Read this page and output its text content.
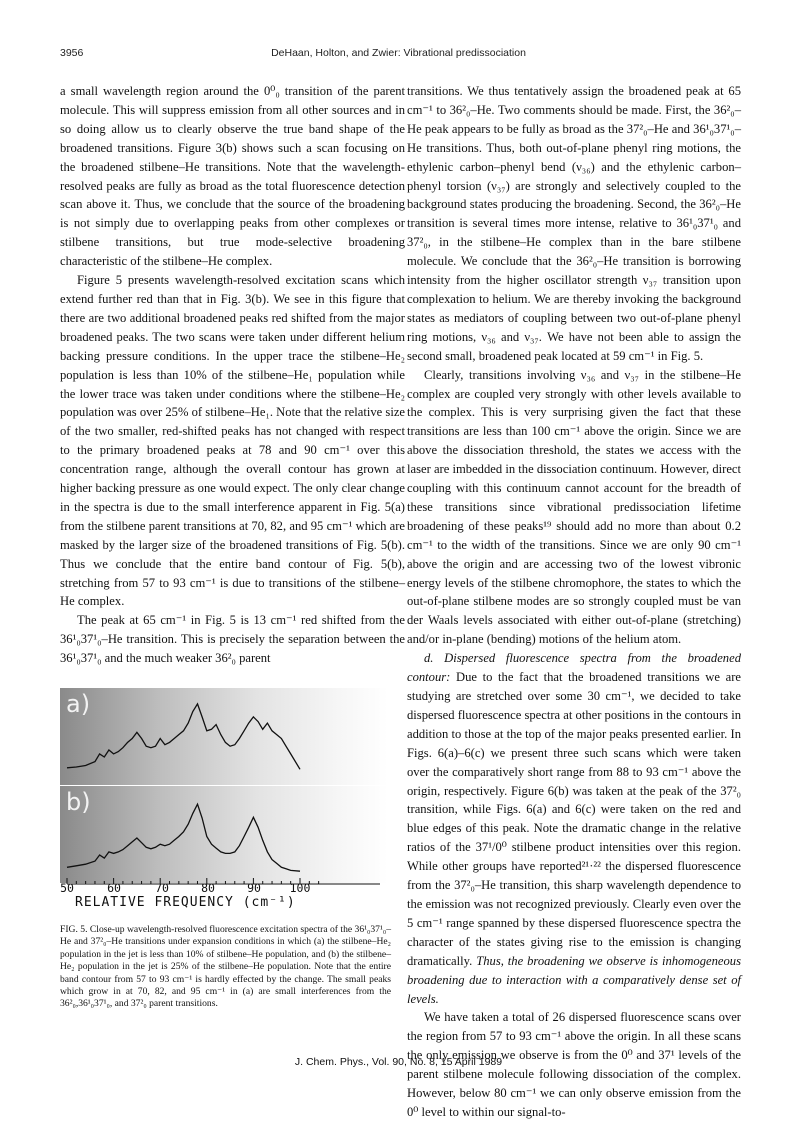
3956	DeHaan, Holton, and Zwier: Vibrational predissociation

a small wavelength region around the 0⁰₀ transition of the parent molecule. This will suppress emission from all other sources and in so doing allow us to clearly observe the true band shape of the broadened transitions. Figure 3(b) shows such a scan focusing on the broadened stilbene–He transitions. Note that the wavelength-resolved peaks are fully as broad as the total fluorescence detection scan above it. Thus, we conclude that the source of the broadening is not simply due to overlapping peaks from other complexes or stilbene transitions, but true mode-selective broadening characteristic of the stilbene–He complex.

Figure 5 presents wavelength-resolved excitation scans which extend further red than that in Fig. 3(b). We see in this figure that there are two additional broadened peaks red shifted from the major broadened peaks. The two scans were taken under different helium backing pressure conditions. In the upper trace the stilbene–He₂ population is less than 10% of the stilbene–He₁ population while the lower trace was taken under conditions where the stilbene–He₂ population was over 25% of stilbene–He₁. Note that the relative size of the two smaller, red-shifted peaks has not changed with respect to the primary broadened peaks at 78 and 90 cm⁻¹ over this concentration range, although the overall contour has grown at higher backing pressure as one would expect. The only clear change in the spectra is due to the small interference apparent in Fig. 5(a) from the stilbene parent transitions at 70, 82, and 95 cm⁻¹ which are masked by the larger size of the broadened transitions of Fig. 5(b). Thus we conclude that the entire band contour of Fig. 5(b), stretching from 57 to 93 cm⁻¹ is due to transitions of the stilbene–He complex.

The peak at 65 cm⁻¹ in Fig. 5 is 13 cm⁻¹ red shifted from the 36¹₀37¹₀–He transition. This is precisely the separation between the 36¹₀37¹₀ and the much weaker 36²₀ parent

a)
b)
50	60	70	80	90 100
RELATIVE FREQUENCY (cm⁻¹)
FIG. 5. Close-up wavelength-resolved fluorescence excitation spectra of the 36¹₀37¹₀–He and 37²₀–He transitions under expansion conditions in which (a) the stilbene–He₂ population in the jet is less than 10% of stilbene–He population, and (b) the stilbene–He₂ population in the jet is 25% of the stilbene–He population. Note that the entire band contour from 57 to 93 cm⁻¹ is hardly effected by the change. The small peaks which grow in at 70, 82, and 95 cm⁻¹ in (a) are small interferences from the 36²₀,36¹₀37¹₀, and 37²₀ parent transitions.

transitions. We thus tentatively assign the broadened peak at 65 cm⁻¹ to 36²₀–He. Two comments should be made. First, the 36²₀–He peak appears to be fully as broad as the 37²₀–He and 36¹₀37¹₀–He transitions. Thus, both out-of-plane phenyl ring motions, the ethylenic carbon–phenyl bend (ν₃₆) and the ethylenic carbon–phenyl torsion (ν₃₇) are strongly and selectively coupled to the background states producing the broadening. Second, the 36²₀–He transition is several times more intense, relative to 36¹₀37¹₀ and 37²₀, in the stilbene–He complex than in the bare stilbene molecule. We conclude that the 36²₀–He transition is borrowing intensity from the higher oscillator strength ν₃₇ transition upon complexation to helium. We are thereby invoking the background states as mediators of coupling between two out-of-plane phenyl ring motions, ν₃₆ and ν₃₇. We have not been able to assign the second small, broadened peak located at 59 cm⁻¹ in Fig. 5.

Clearly, transitions involving ν₃₆ and ν₃₇ in the stilbene–He complex are coupled very strongly with other levels available to the complex. This is very surprising given the fact that these transitions are less than 100 cm⁻¹ above the origin. Since we are above the dissociation threshold, the states we access with the laser are imbedded in the dissociation continuum. However, direct coupling with this continuum cannot account for the breadth of these transitions since vibrational predissociation lifetime broadening of these peaks¹⁹ should add no more than about 0.2 cm⁻¹ to the width of the transitions. Since we are only 90 cm⁻¹ above the origin and are accessing two of the lowest vibronic energy levels of the stilbene chromophore, the states to which the out-of-plane stilbene modes are so strongly coupled must be van der Waals levels associated with either out-of-plane (stretching) and/or in-plane (bending) motions of the helium atom.

d. Dispersed fluorescence spectra from the broadened contour: Due to the fact that the broadened transitions we are studying are stretched over some 30 cm⁻¹, we decided to take dispersed fluorescence spectra at other positions in the contours in addition to those at the top of the major peaks presented earlier. In Figs. 6(a)–6(c) we present three such scans which were taken over the comparatively short range from 88 to 93 cm⁻¹ above the origin, respectively. Figure 6(b) was taken at the peak of the 37²₀ transition, while Figs. 6(a) and 6(c) were taken on the red and blue edges of this peak. Note the dramatic change in the relative ratios of the 37¹/0⁰ stilbene product intensities over this region. While other groups have reported²¹·²² the dispersed fluorescence from the 37²₀–He transition, this sharp wavelength dependence to the emission was not recognized previously. Clearly even over the 5 cm⁻¹ range spanned by these dispersed fluorescence spectra the character of the states giving rise to the emission is changing dramatically. Thus, the broadening we observe is inhomogeneous broadening due to interaction with a comparatively dense set of levels.

We have taken a total of 26 dispersed fluorescence scans over the region from 57 to 93 cm⁻¹ above the origin. In all these scans the only emission we observe is from the 0⁰ and 37¹ levels of the parent stilbene molecule following dissociation of the complex. However, below 80 cm⁻¹ we can only observe emission from the 0⁰ level to within our signal-to-

J. Chem. Phys., Vol. 90, No. 8, 15 April 1989
